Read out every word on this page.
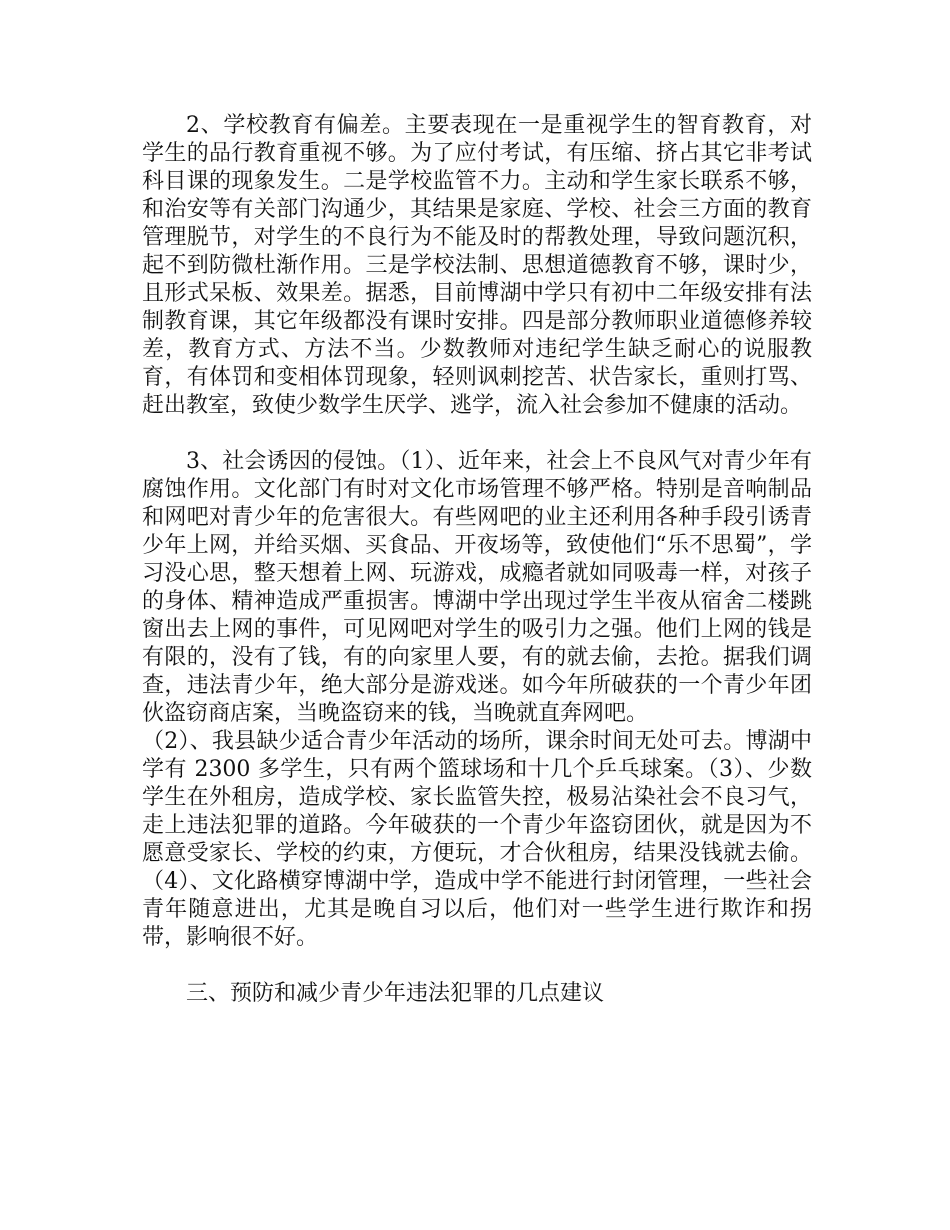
2、学校教育有偏差。主要表现在一是重视学生的智育教育，对学生的品行教育重视不够。为了应付考试，有压缩、挤占其它非考试科目课的现象发生。二是学校监管不力。主动和学生家长联系不够，和治安等有关部门沟通少，其结果是家庭、学校、社会三方面的教育管理脱节，对学生的不良行为不能及时的帮教处理，导致问题沉积，起不到防微杜渐作用。三是学校法制、思想道德教育不够，课时少，且形式呆板、效果差。据悉，目前博湖中学只有初中二年级安排有法制教育课，其它年级都没有课时安排。四是部分教师职业道德修养较差，教育方式、方法不当。少数教师对违纪学生缺乏耐心的说服教育，有体罚和变相体罚现象，轻则讽刺挖苦、状告家长，重则打骂、赶出教室，致使少数学生厌学、逃学，流入社会参加不健康的活动。

3、社会诱因的侵蚀。（1）、近年来，社会上不良风气对青少年有腐蚀作用。文化部门有时对文化市场管理不够严格。特别是音响制品和网吧对青少年的危害很大。有些网吧的业主还利用各种手段引诱青少年上网，并给买烟、买食品、开夜场等，致使他们“乐不思蜀”，学习没心思，整天想着上网、玩游戏，成瘾者就如同吸毒一样，对孩子的身体、精神造成严重损害。博湖中学出现过学生半夜从宿舍二楼跳窗出去上网的事件，可见网吧对学生的吸引力之强。他们上网的钱是有限的，没有了钱，有的向家里人要，有的就去偷，去抢。据我们调查，违法青少年，绝大部分是游戏迷。如今年所破获的一个青少年团伙盗窃商店案，当晚盗窃来的钱，当晚就直奔网吧。

（2）、我县缺少适合青少年活动的场所，课余时间无处可去。博湖中学有 2300 多学生，只有两个篮球场和十几个乒乓球案。（3）、少数学生在外租房，造成学校、家长监管失控，极易沾染社会不良习气，走上违法犯罪的道路。今年破获的一个青少年盗窃团伙，就是因为不愿意受家长、学校的约束，方便玩，才合伙租房，结果没钱就去偷。（4）、文化路横穿博湖中学，造成中学不能进行封闭管理，一些社会青年随意进出，尤其是晚自习以后，他们对一些学生进行欺诈和拐带，影响很不好。

三、预防和减少青少年违法犯罪的几点建议
